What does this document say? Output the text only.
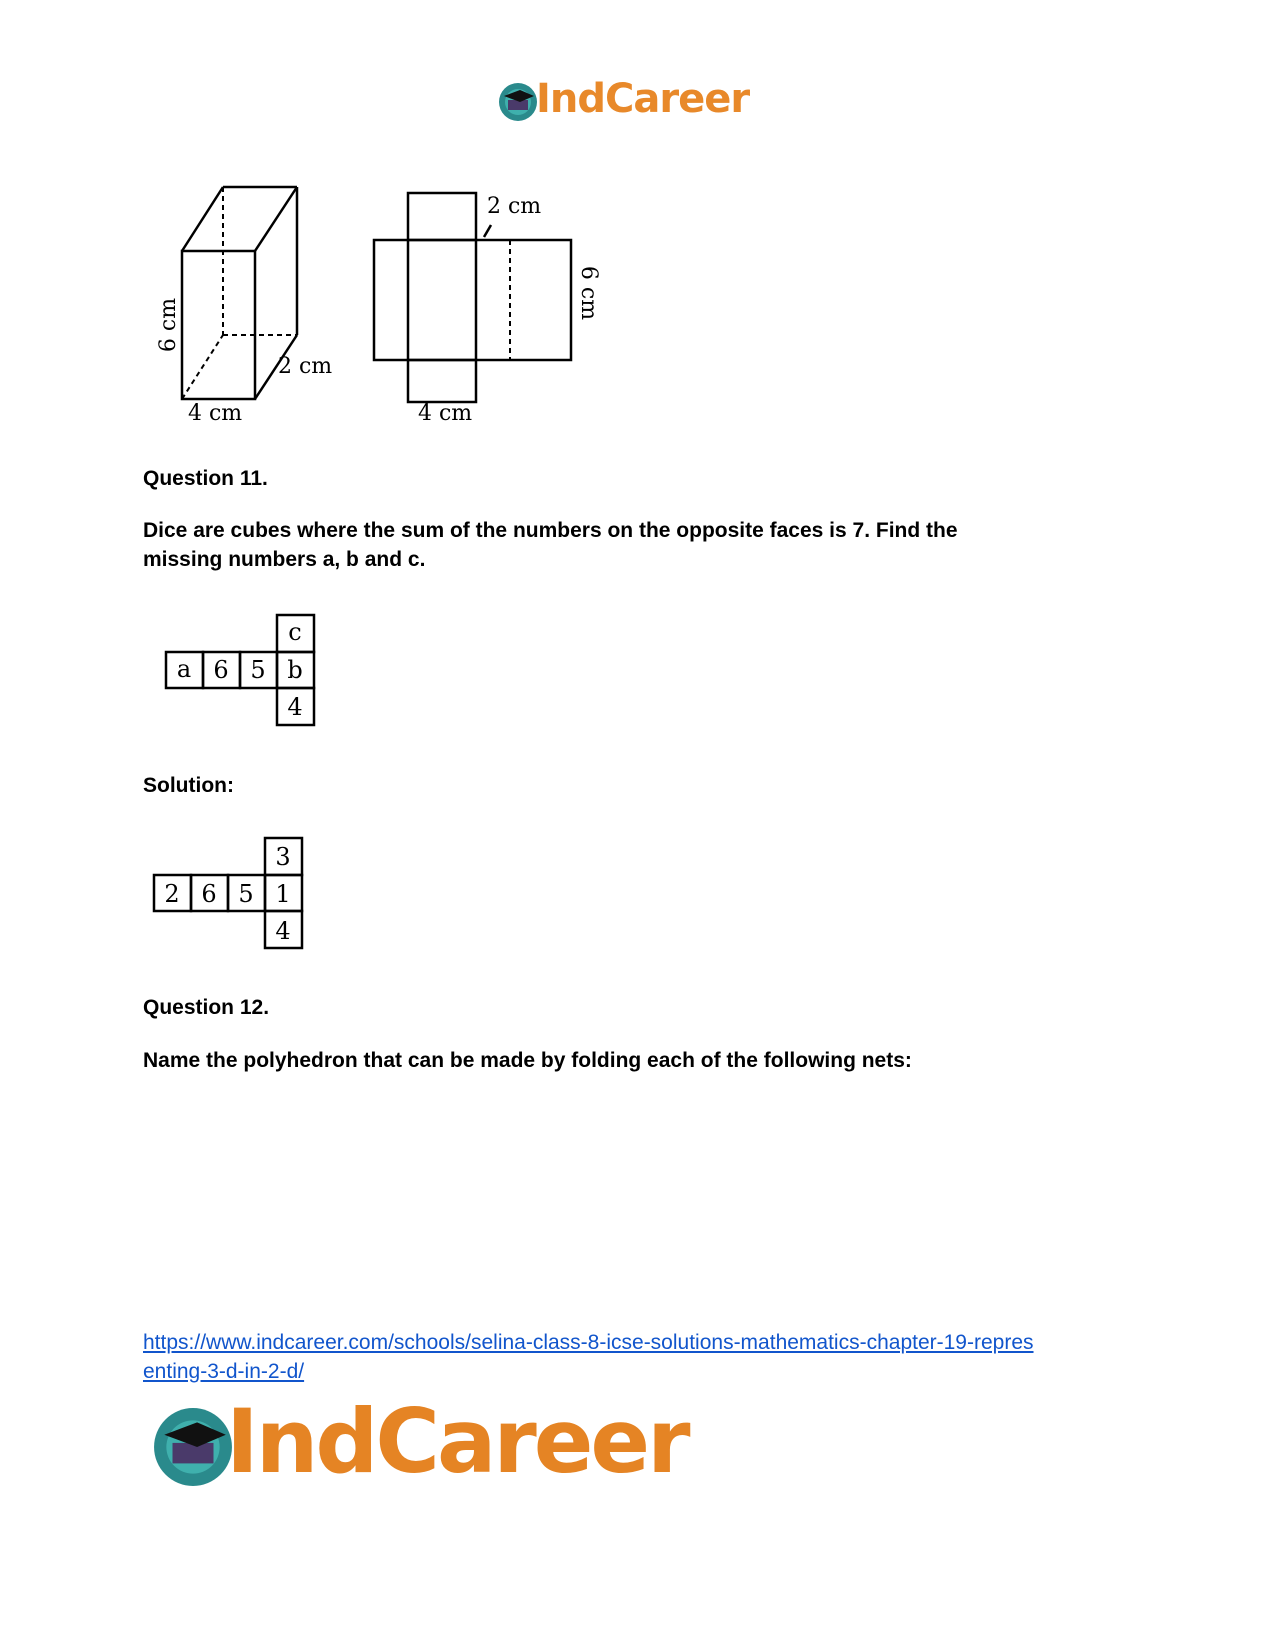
IndCareer
6 cm
2 cm
4 cm
2 cm
6 cm
4 cm
Question 11.
Dice are cubes where the sum of the numbers on the opposite faces is 7. Find the
missing numbers a, b and c.
c
a 6 5 b
4
Solution:
3
2 6 5 1
4
Question 12.
Name the polyhedron that can be made by folding each of the following nets:
https://www.indcareer.com/schools/selina-class-8-icse-solutions-mathematics-chapter-19-repres
enting-3-d-in-2-d/
IndCareer
